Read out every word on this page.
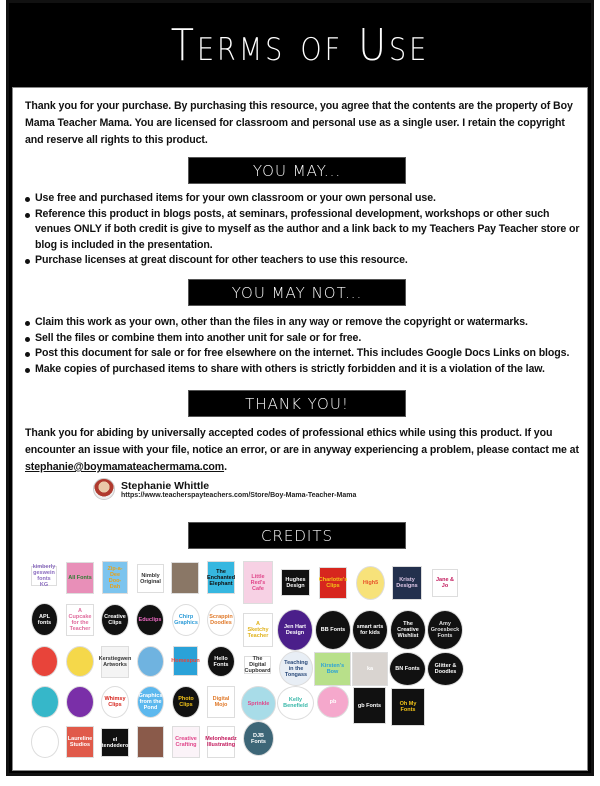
Terms of Use
Thank you for your purchase. By purchasing this resource, you agree that the contents are the property of Boy Mama Teacher Mama. You are licensed for classroom and personal use as a single user. I retain the copyright and reserve all rights to this product.
YOU MAY...
Use free and purchased items for your own classroom or your own personal use.
Reference this product in blogs posts, at seminars, professional development, workshops or other such venues ONLY if both credit is give to myself as the author and a link back to my Teachers Pay Teacher store or blog is included in the presentation.
Purchase licenses at great discount for other teachers to use this resource.
YOU MAY NOT...
Claim this work as your own, other than the files in any way or remove the copyright or watermarks.
Sell the files or combine them into another unit for sale or for free.
Post this document for sale or for free elsewhere on the internet. This includes Google Docs Links on blogs.
Make copies of purchased items to share with others is strictly forbidden and it is a violation of the law.
THANK YOU!
Thank you for abiding by universally accepted codes of professional ethics while using this product. If you encounter an issue with your file, notice an error, or are in anyway experiencing a problem, please contact me at stephanie@boymamateachermama.com.
Stephanie Whittle
https://www.teacherspayteachers.com/Store/Boy-Mama-Teacher-Mama
CREDITS
kimberly geswein fonts KG
All Fonts
Zip-a-Dee Doo-Dah
Nimbly Original
The Enchanted Elephant
Little Red's Cafe
Hughes Design
Charlotte's Clips	High5	Kristy Designs
Jane & Jo
APL fonts
A Cupcake for the Teacher
Creative Clips	Educlips	Chirp Graphics
Scrappin Doodles	A Sketchy Teacher
Jen Hart Design	BB Fonts	smart arts for kids
The Creative Wishlist
Amy Groesbeck Fonts
Kerstiegwen Artworks
Homespun	Hello Fonts
The Digital Cupboard
Teaching in the Tongass
Kirsten's Bow	ka	BN Fonts	Glitter & Doodles
Whimsy Clips
Graphics from the Pond
Photo Clips
Digital Mojo	Sprinkle
Kelly Benefield
pb
gb Fonts	Oh My Fonts
Laureline Studios
el tendedero
Creative Crafting
Melonheadz Illustrating
DJB Fonts
